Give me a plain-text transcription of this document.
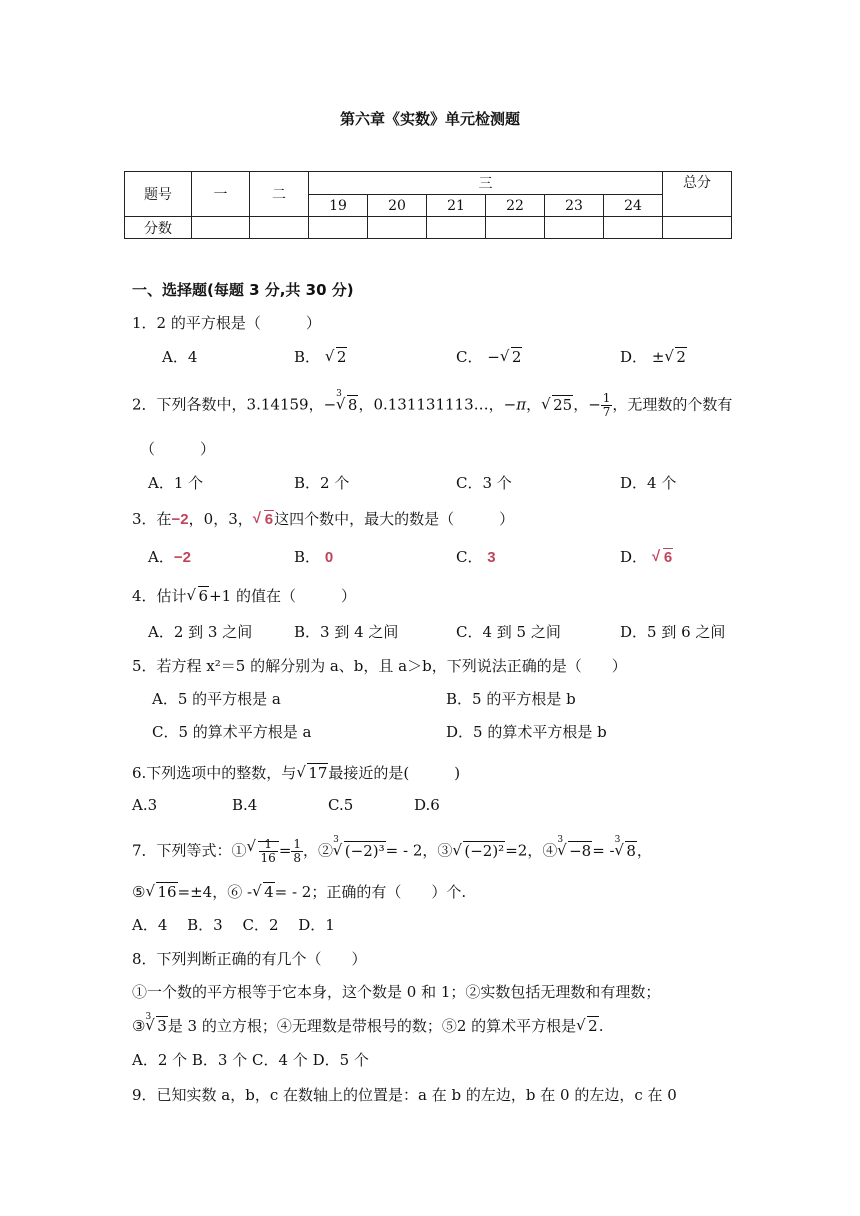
第六章《实数》单元检测题
题号	一	二	三						总分
			19	20	21	22	23	24	
分数									
一、选择题(每题 3 分,共 30 分)
1．2 的平方根是（　　　）
A．4	B． √ 2	C． − √ 2	D． ± √ 2
2．下列各数中，3.14159，−$^3$√ 8，0.131131113…，−π， √ 25，− $\frac{1}{7}$ ，无理数的个数有
（　　　）
A．1 个	B．2 个	C．3 个	D．4 个
3．在−2，0，3， √ 6这四个数中，最大的数是（　　　）
A．−2	B． 0	C． 3	D． √ 6
4．估计 √ 6+1 的值在（　　　）
A．2 到 3 之间	B．3 到 4 之间	C．4 到 5 之间	D．5 到 6 之间
5．若方程 x²＝5 的解分别为 a、b，且 a＞b，下列说法正确的是（　　）
A．5 的平方根是 a	B．5 的平方根是 b
C．5 的算术平方根是 a	D．5 的算术平方根是 b
6.下列选项中的整数，与 √ 17最接近的是(　　　)
A.3	B.4	C.5	D.6
7．下列等式：① √ $\frac{1}{16} = \frac{1}{8}$ ，②$^3$√ (−2)³= - 2，③ √ (−2)²=2，④$^3$√ −8= -$^3$√ 8，
⑤ √ 16=±4，⑥ - √ 4= - 2；正确的有（　　）个.
A．4　 B．3　 C．2　 D．1
8．下列判断正确的有几个（　　）
①一个数的平方根等于它本身，这个数是 0 和 1；②实数包括无理数和有理数；
③$^3$ √ 3是 3 的立方根；④无理数是带根号的数；⑤2 的算术平方根是 √ 2.
A．2 个 B．3 个 C．4 个 D．5 个
9．已知实数 a，b，c 在数轴上的位置是：a 在 b 的左边，b 在 0 的左边，c 在 0
